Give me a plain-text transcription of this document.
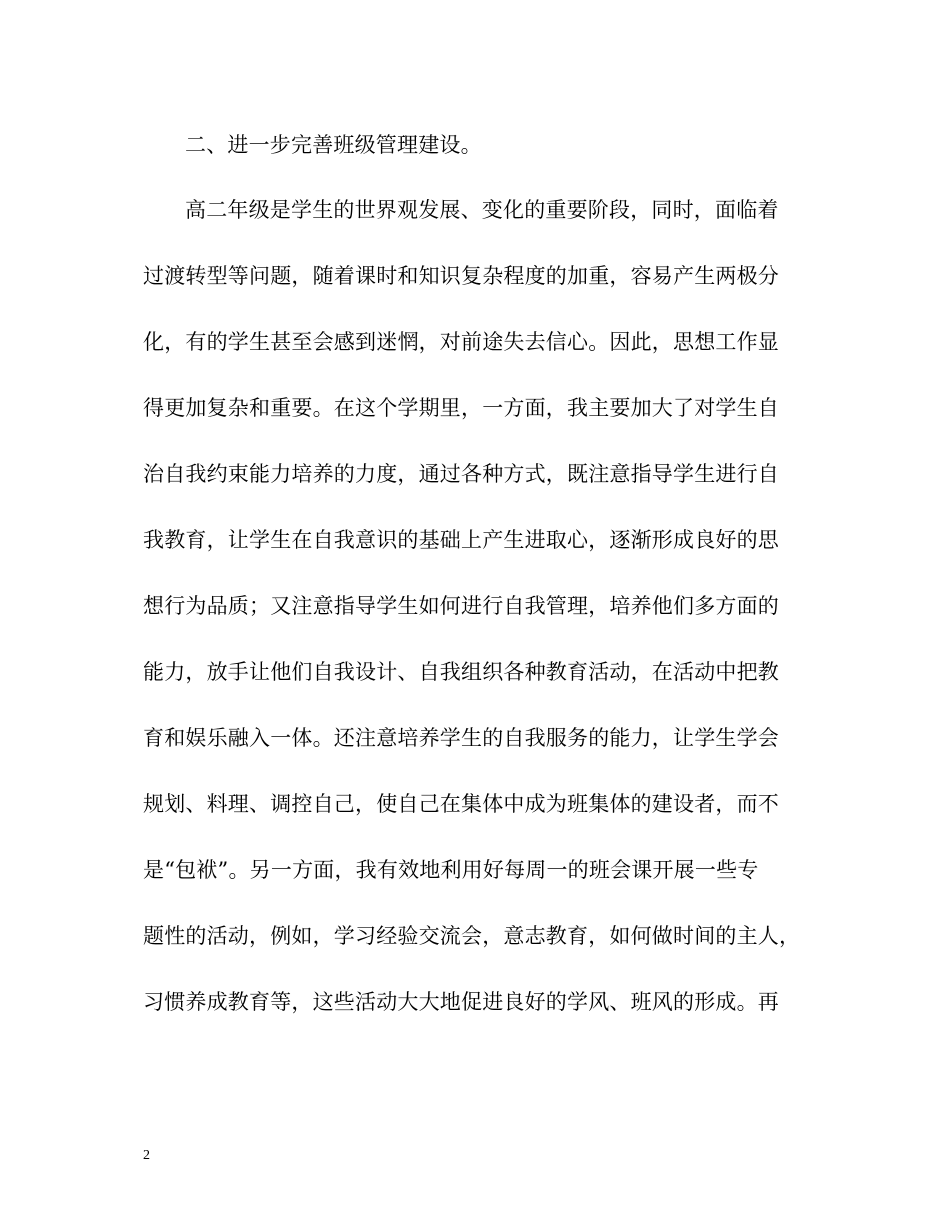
二、进一步完善班级管理建设。
高二年级是学生的世界观发展、变化的重要阶段，同时，面临着
过渡转型等问题，随着课时和知识复杂程度的加重，容易产生两极分
化，有的学生甚至会感到迷惘，对前途失去信心。因此，思想工作显
得更加复杂和重要。在这个学期里，一方面，我主要加大了对学生自
治自我约束能力培养的力度，通过各种方式，既注意指导学生进行自
我教育，让学生在自我意识的基础上产生进取心，逐渐形成良好的思
想行为品质；又注意指导学生如何进行自我管理，培养他们多方面的
能力，放手让他们自我设计、自我组织各种教育活动，在活动中把教
育和娱乐融入一体。还注意培养学生的自我服务的能力，让学生学会
规划、料理、调控自己，使自己在集体中成为班集体的建设者，而不
是“包袱”。另一方面，我有效地利用好每周一的班会课开展一些专
题性的活动，例如，学习经验交流会，意志教育，如何做时间的主人，
习惯养成教育等，这些活动大大地促进良好的学风、班风的形成。再
2
